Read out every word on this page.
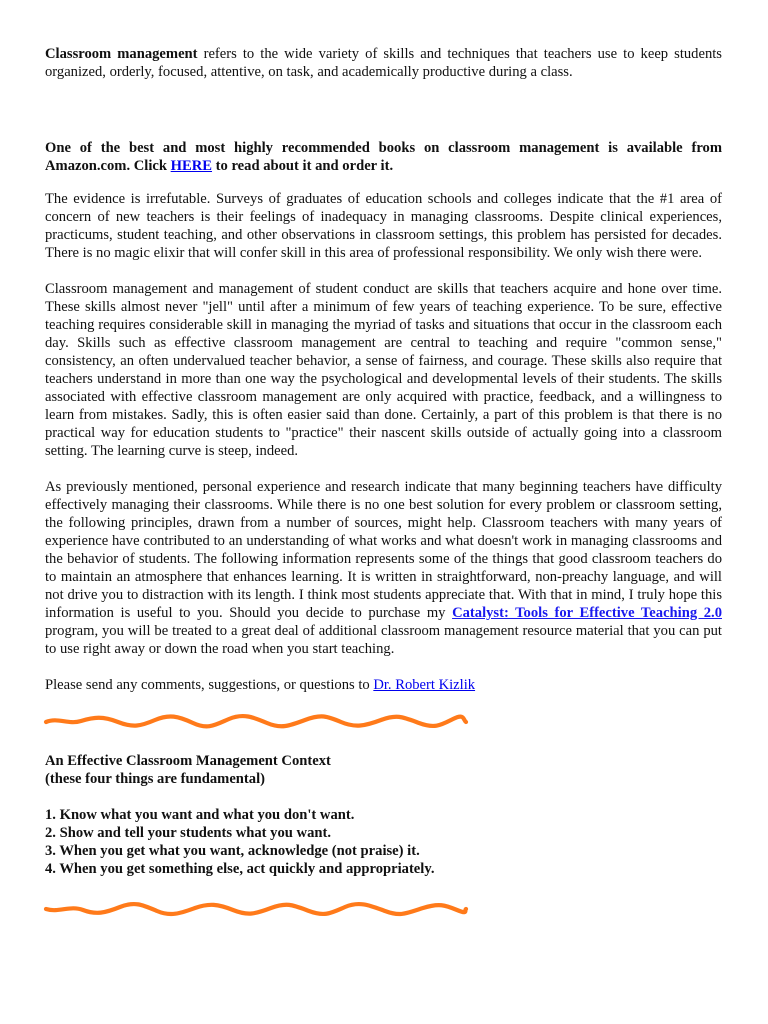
Classroom management refers to the wide variety of skills and techniques that teachers use to keep students organized, orderly, focused, attentive, on task, and academically productive during a class.

One of the best and most highly recommended books on classroom management is available from Amazon.com. Click HERE to read about it and order it.

The evidence is irrefutable. Surveys of graduates of education schools and colleges indicate that the #1 area of concern of new teachers is their feelings of inadequacy in managing classrooms. Despite clinical experiences, practicums, student teaching, and other observations in classroom settings, this problem has persisted for decades. There is no magic elixir that will confer skill in this area of professional responsibility. We only wish there were.

Classroom management and management of student conduct are skills that teachers acquire and hone over time. These skills almost never "jell" until after a minimum of few years of teaching experience. To be sure, effective teaching requires considerable skill in managing the myriad of tasks and situations that occur in the classroom each day. Skills such as effective classroom management are central to teaching and require "common sense," consistency, an often undervalued teacher behavior, a sense of fairness, and courage. These skills also require that teachers understand in more than one way the psychological and developmental levels of their students. The skills associated with effective classroom management are only acquired with practice, feedback, and a willingness to learn from mistakes. Sadly, this is often easier said than done. Certainly, a part of this problem is that there is no practical way for education students to "practice" their nascent skills outside of actually going into a classroom setting. The learning curve is steep, indeed.

As previously mentioned, personal experience and research indicate that many beginning teachers have difficulty effectively managing their classrooms. While there is no one best solution for every problem or classroom setting, the following principles, drawn from a number of sources, might help. Classroom teachers with many years of experience have contributed to an understanding of what works and what doesn't work in managing classrooms and the behavior of students. The following information represents some of the things that good classroom teachers do to maintain an atmosphere that enhances learning. It is written in straightforward, non-preachy language, and will not drive you to distraction with its length. I think most students appreciate that. With that in mind, I truly hope this information is useful to you. Should you decide to purchase my Catalyst: Tools for Effective Teaching 2.0 program, you will be treated to a great deal of additional classroom management resource material that you can put to use right away or down the road when you start teaching.

Please send any comments, suggestions, or questions to Dr. Robert Kizlik

An Effective Classroom Management Context
(these four things are fundamental)

1. Know what you want and what you don't want.
2. Show and tell your students what you want.
3. When you get what you want, acknowledge (not praise) it.
4. When you get something else, act quickly and appropriately.
